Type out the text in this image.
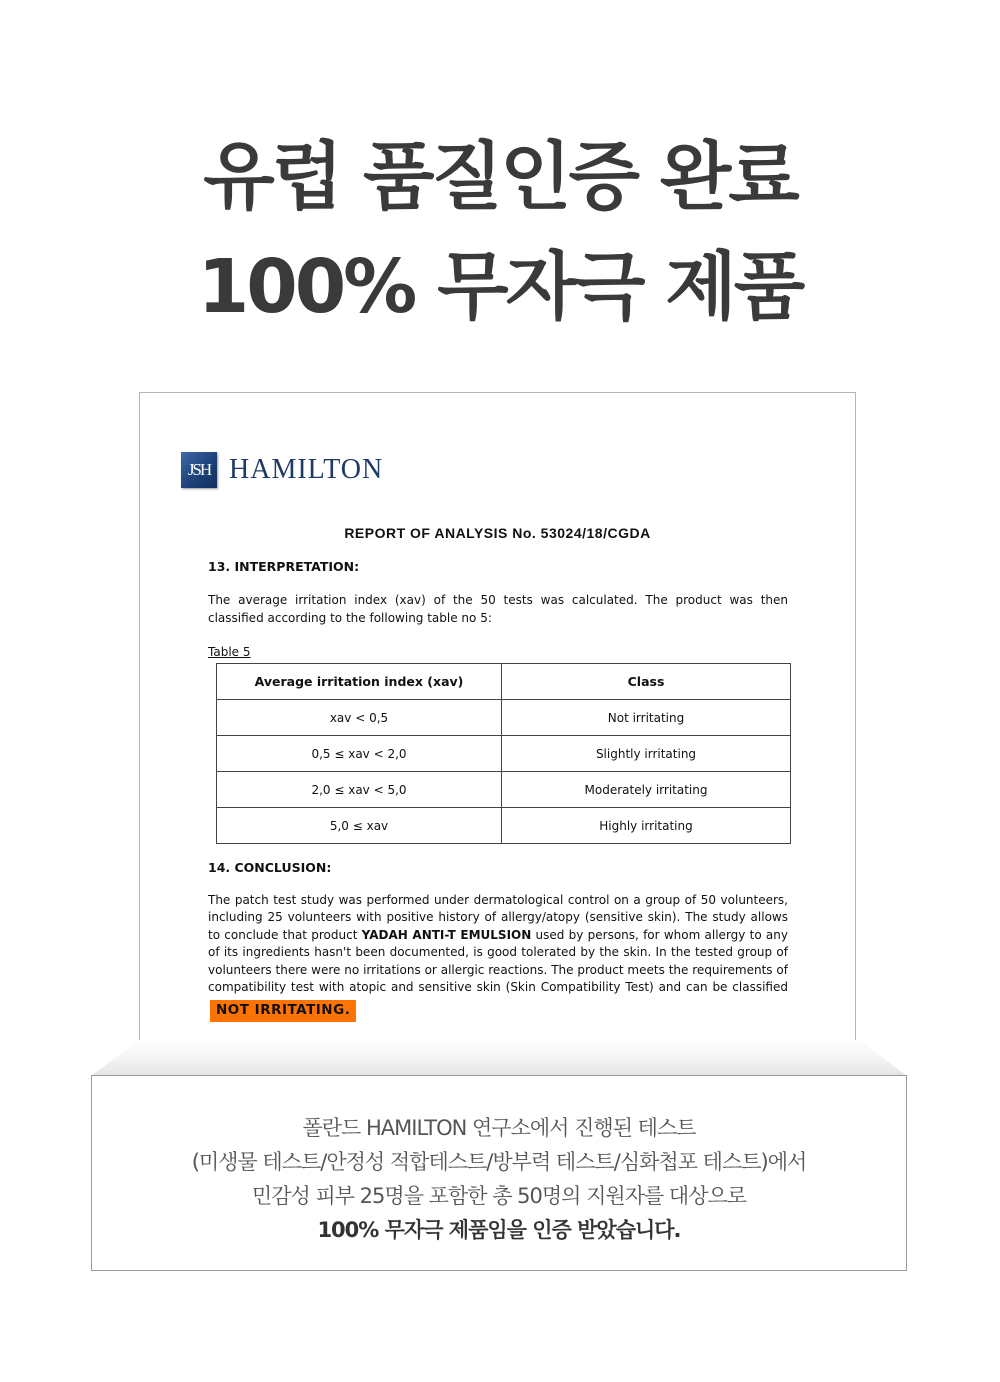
유럽 품질인증 완료
100% 무자극 제품
JSH HAMILTON
REPORT OF ANALYSIS No. 53024/18/CGDA
13. INTERPRETATION:
The average irritation index (xav) of the 50 tests was calculated. The product was then classified according to the following table no 5:
Table 5
Average irritation index (xav)	Class
xav < 0,5	Not irritating
0,5 ≤ xav < 2,0	Slightly irritating
2,0 ≤ xav < 5,0	Moderately irritating
5,0 ≤ xav	Highly irritating
14. CONCLUSION:
The patch test study was performed under dermatological control on a group of 50 volunteers, including 25 volunteers with positive history of allergy/atopy (sensitive skin). The study allows to conclude that product YADAH ANTI-T EMULSION used by persons, for whom allergy to any of its ingredients hasn't been documented, is good tolerated by the skin. In the tested group of volunteers there were no irritations or allergic reactions. The product meets the requirements of compatibility test with atopic and sensitive skin (Skin Compatibility Test) and can be classified NOT IRRITATING.
폴란드 HAMILTON 연구소에서 진행된 테스트
(미생물 테스트/안정성 적합테스트/방부력 테스트/심화첩포 테스트)에서
민감성 피부 25명을 포함한 총 50명의 지원자를 대상으로
100% 무자극 제품임을 인증 받았습니다.
